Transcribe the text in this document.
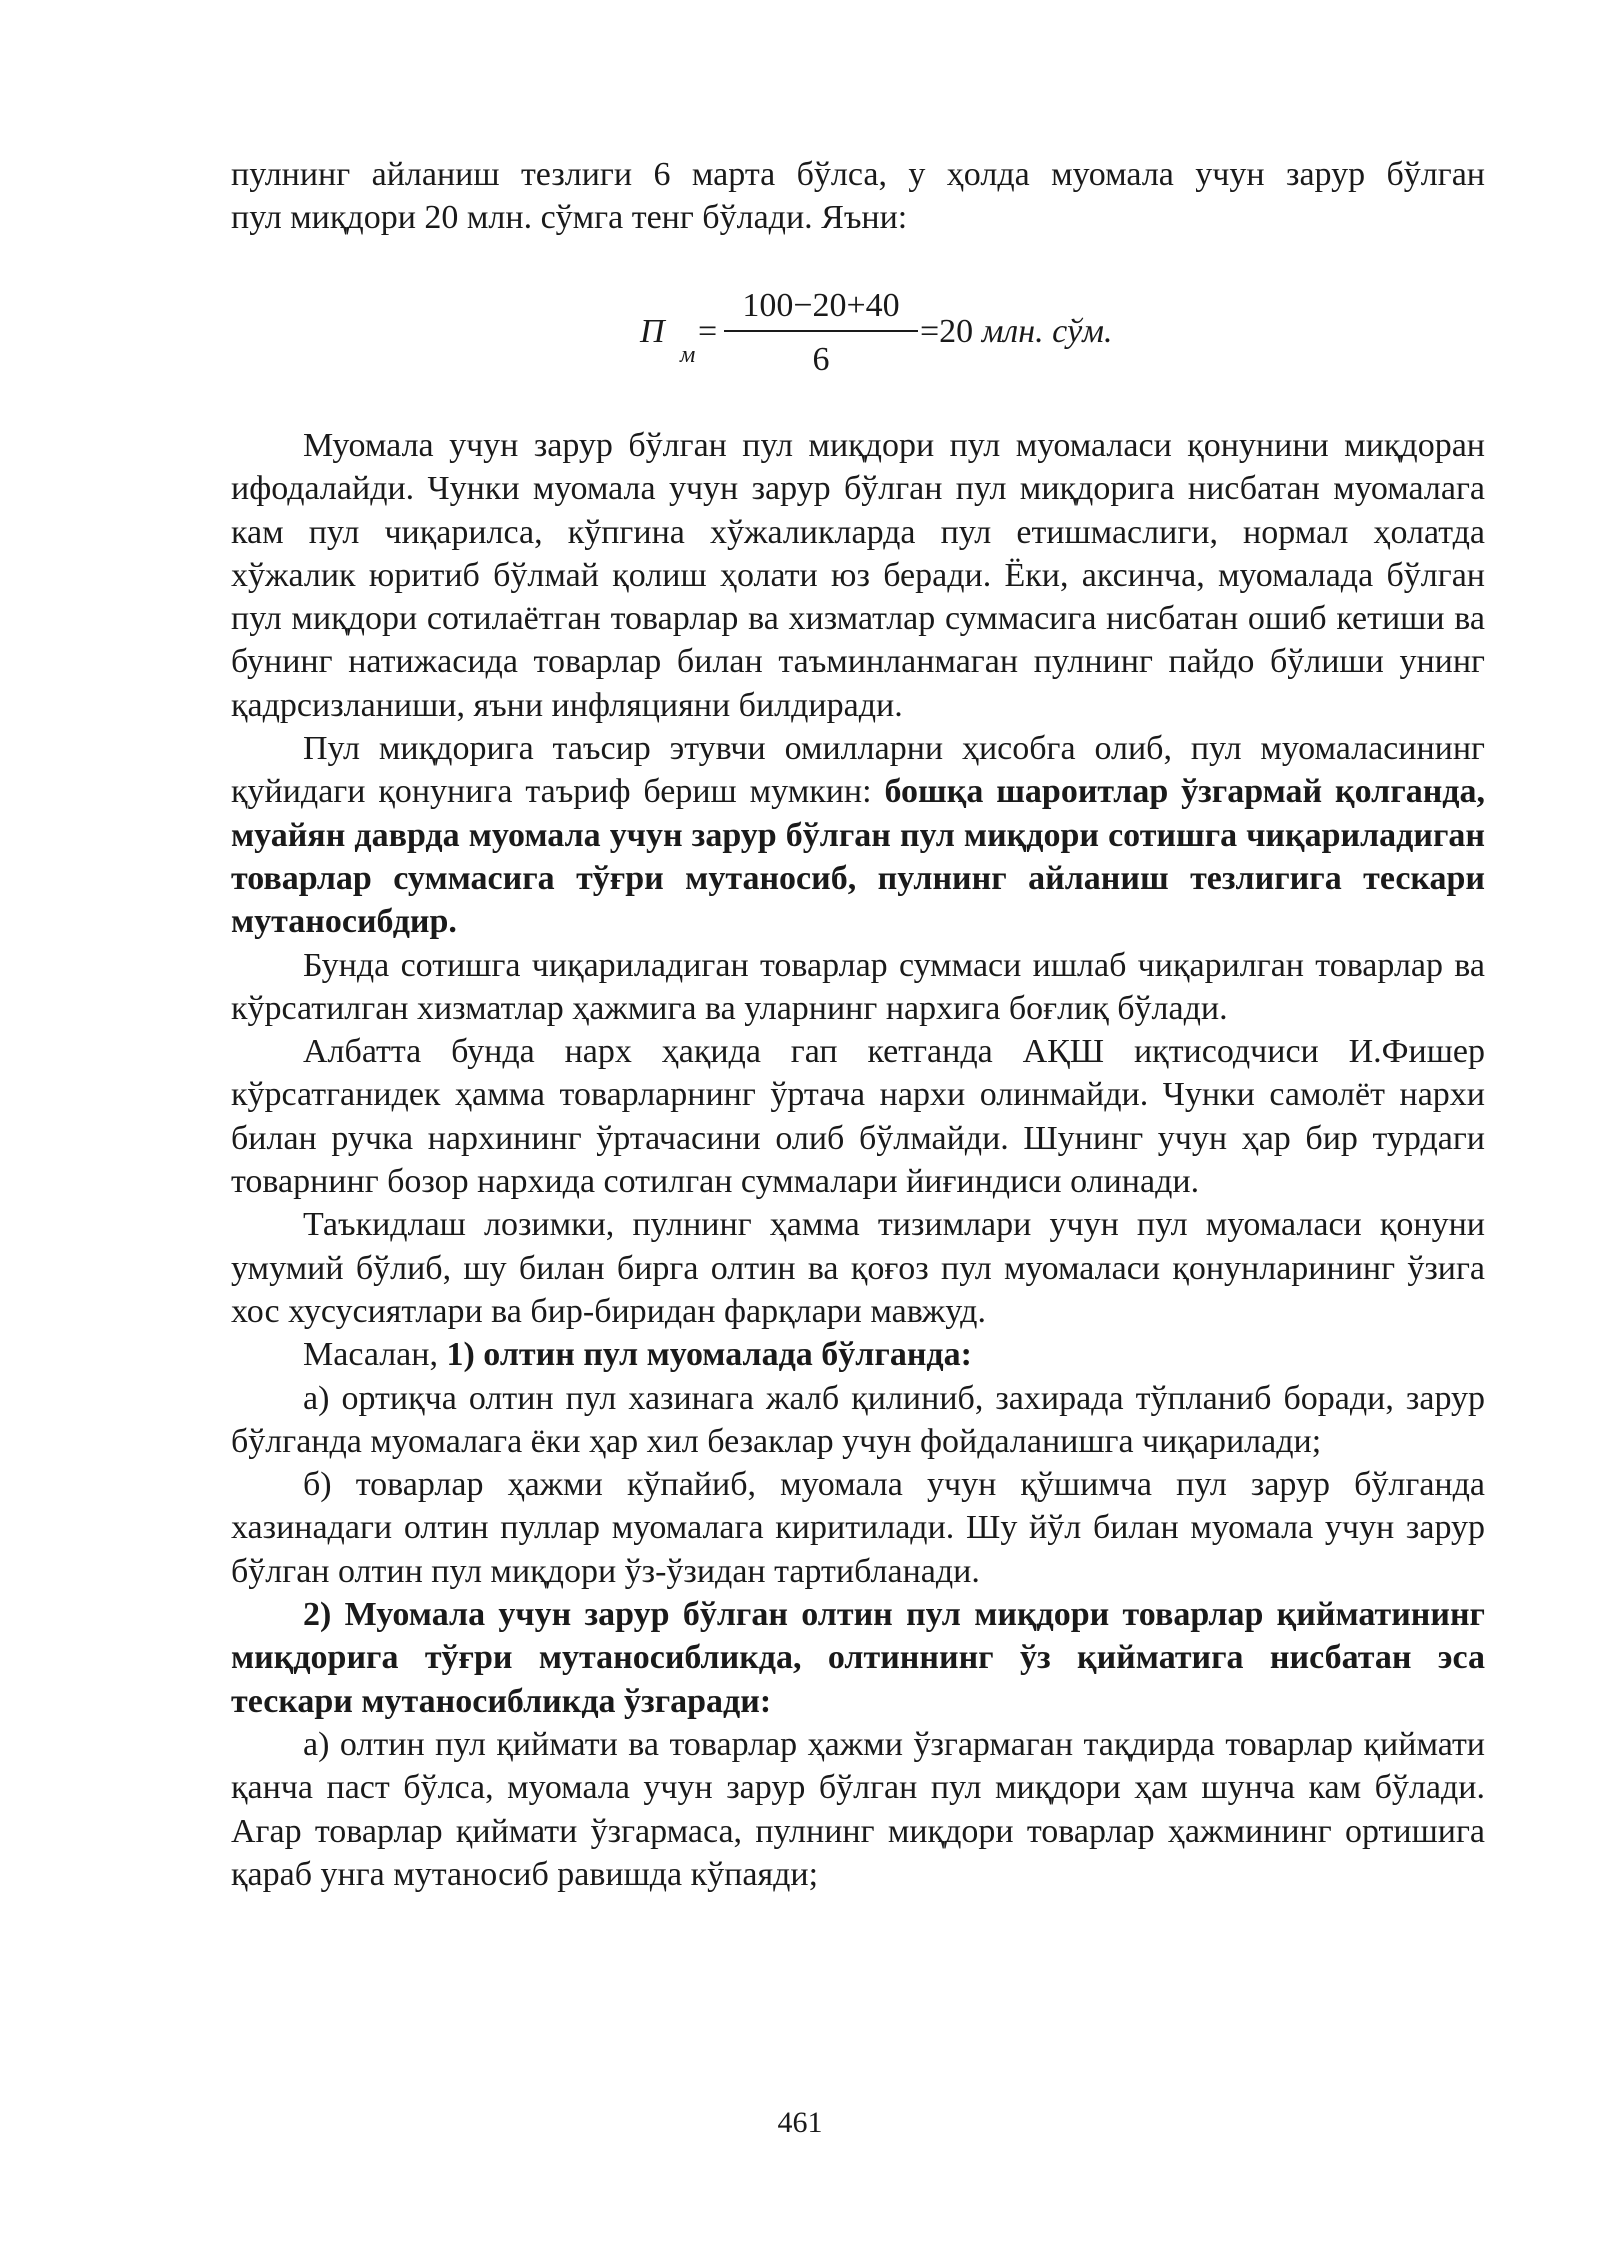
пулнинг айланиш тезлиги 6 марта бўлса, у ҳолда муомала учун зарур бўлган

пул миқдори 20 млн. сўмга тенг бўлади. Яъни:

П
м
=
100−20+40
6
=20 млн. сўм.

Муомала учун зарур бўлган пул миқдори пул муомаласи қонунини миқдоран ифодалайди. Чунки муомала учун зарур бўлган пул миқдорига нисбатан муомалага кам пул чиқарилса, кўпгина хўжаликларда пул етишмаслиги, нормал ҳолатда хўжалик юритиб бўлмай қолиш ҳолати юз беради. Ёки, аксинча, муомалада бўлган пул миқдори сотилаётган товарлар ва хизматлар суммасига нисбатан ошиб кетиши ва бунинг натижасида товарлар билан таъминланмаган пулнинг пайдо бўлиши унинг қадрсизланиши, яъни инфляцияни билдиради.

Пул миқдорига таъсир этувчи омилларни ҳисобга олиб, пул муомаласининг қуйидаги қонунига таъриф бериш мумкин: бошқа шароитлар ўзгармай қолганда, муайян даврда муомала учун зарур бўлган пул миқдори сотишга чиқариладиган товарлар суммасига тўғри мутаносиб, пулнинг айланиш тезлигига тескари мутаносибдир.

Бунда сотишга чиқариладиган товарлар суммаси ишлаб чиқарилган товарлар ва кўрсатилган хизматлар ҳажмига ва уларнинг нархига боғлиқ бўлади.

Албатта бунда нарх ҳақида гап кетганда АҚШ иқтисодчиси И.Фишер кўрсатганидек ҳамма товарларнинг ўртача нархи олинмайди. Чунки самолёт нархи билан ручка нархининг ўртачасини олиб бўлмайди. Шунинг учун ҳар бир турдаги товарнинг бозор нархида сотилган суммалари йиғиндиси олинади.

Таъкидлаш лозимки, пулнинг ҳамма тизимлари учун пул муомаласи қонуни умумий бўлиб, шу билан бирга олтин ва қоғоз пул муомаласи қонунларининг ўзига хос хусусиятлари ва бир-биридан фарқлари мавжуд.

Масалан, 1) олтин пул муомалада бўлганда:

а) ортиқча олтин пул хазинага жалб қилиниб, захирада тўпланиб боради, зарур бўлганда муомалага ёки ҳар хил безаклар учун фойдаланишга чиқарилади;

б) товарлар ҳажми кўпайиб, муомала учун қўшимча пул зарур бўлганда хазинадаги олтин пуллар муомалага киритилади. Шу йўл билан муомала учун зарур бўлган олтин пул миқдори ўз-ўзидан тартибланади.

2) Муомала учун зарур бўлган олтин пул миқдори товарлар қийматининг миқдорига тўғри мутаносибликда, олтиннинг ўз қийматига нисбатан эса тескари мутаносибликда ўзгаради:

а) олтин пул қиймати ва товарлар ҳажми ўзгармаган тақдирда товарлар қиймати қанча паст бўлса, муомала учун зарур бўлган пул миқдори ҳам шунча кам бўлади. Агар товарлар қиймати ўзгармаса, пулнинг миқдори товарлар ҳажмининг ортишига қараб унга мутаносиб равишда кўпаяди;

461
